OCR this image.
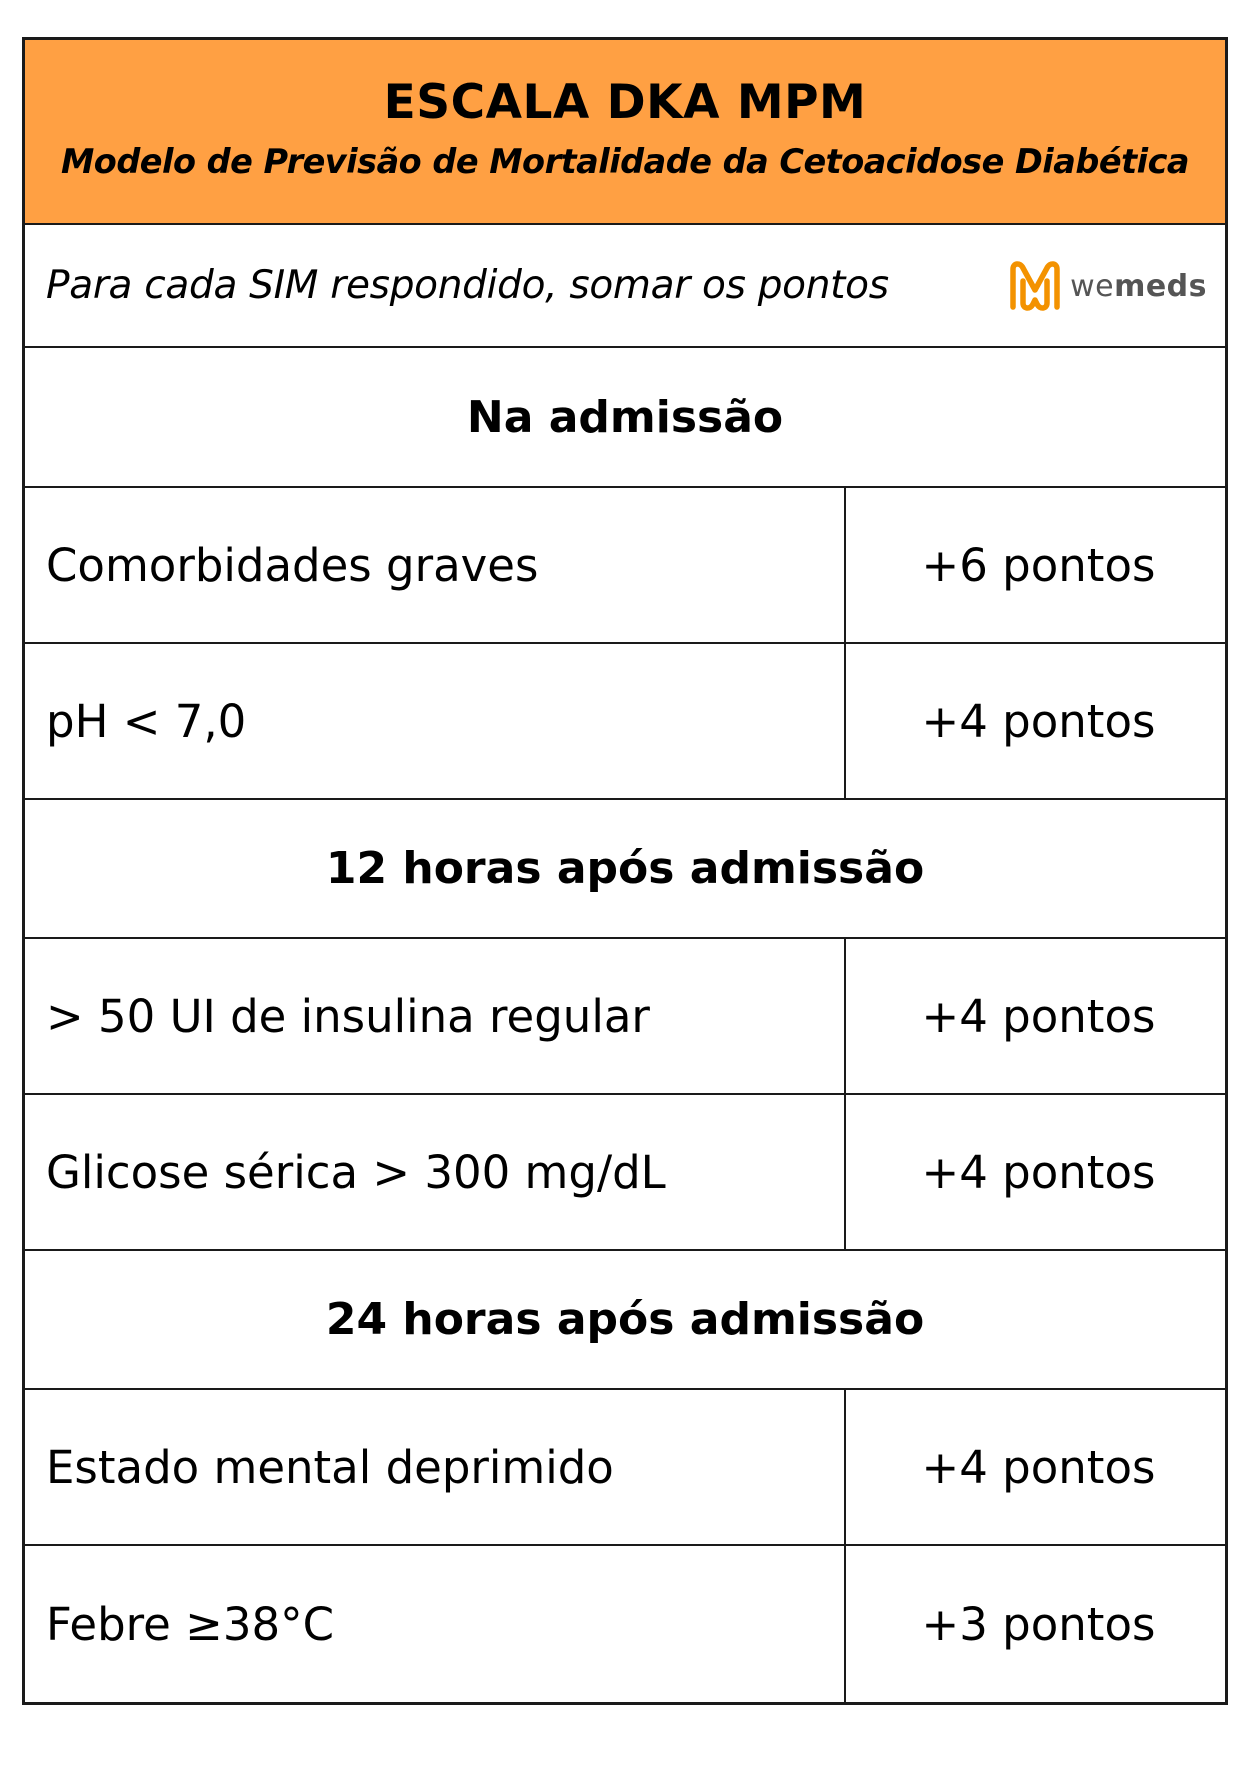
ESCALA DKA MPM
Modelo de Previsão de Mortalidade da Cetoacidose Diabética
Para cada SIM respondido, somar os pontos	wemeds
Na admissão
Comorbidades graves	+6 pontos
pH < 7,0	+4 pontos
12 horas após admissão
> 50 UI de insulina regular	+4 pontos
Glicose sérica > 300 mg/dL	+4 pontos
24 horas após admissão
Estado mental deprimido	+4 pontos
Febre ≥38°C	+3 pontos
